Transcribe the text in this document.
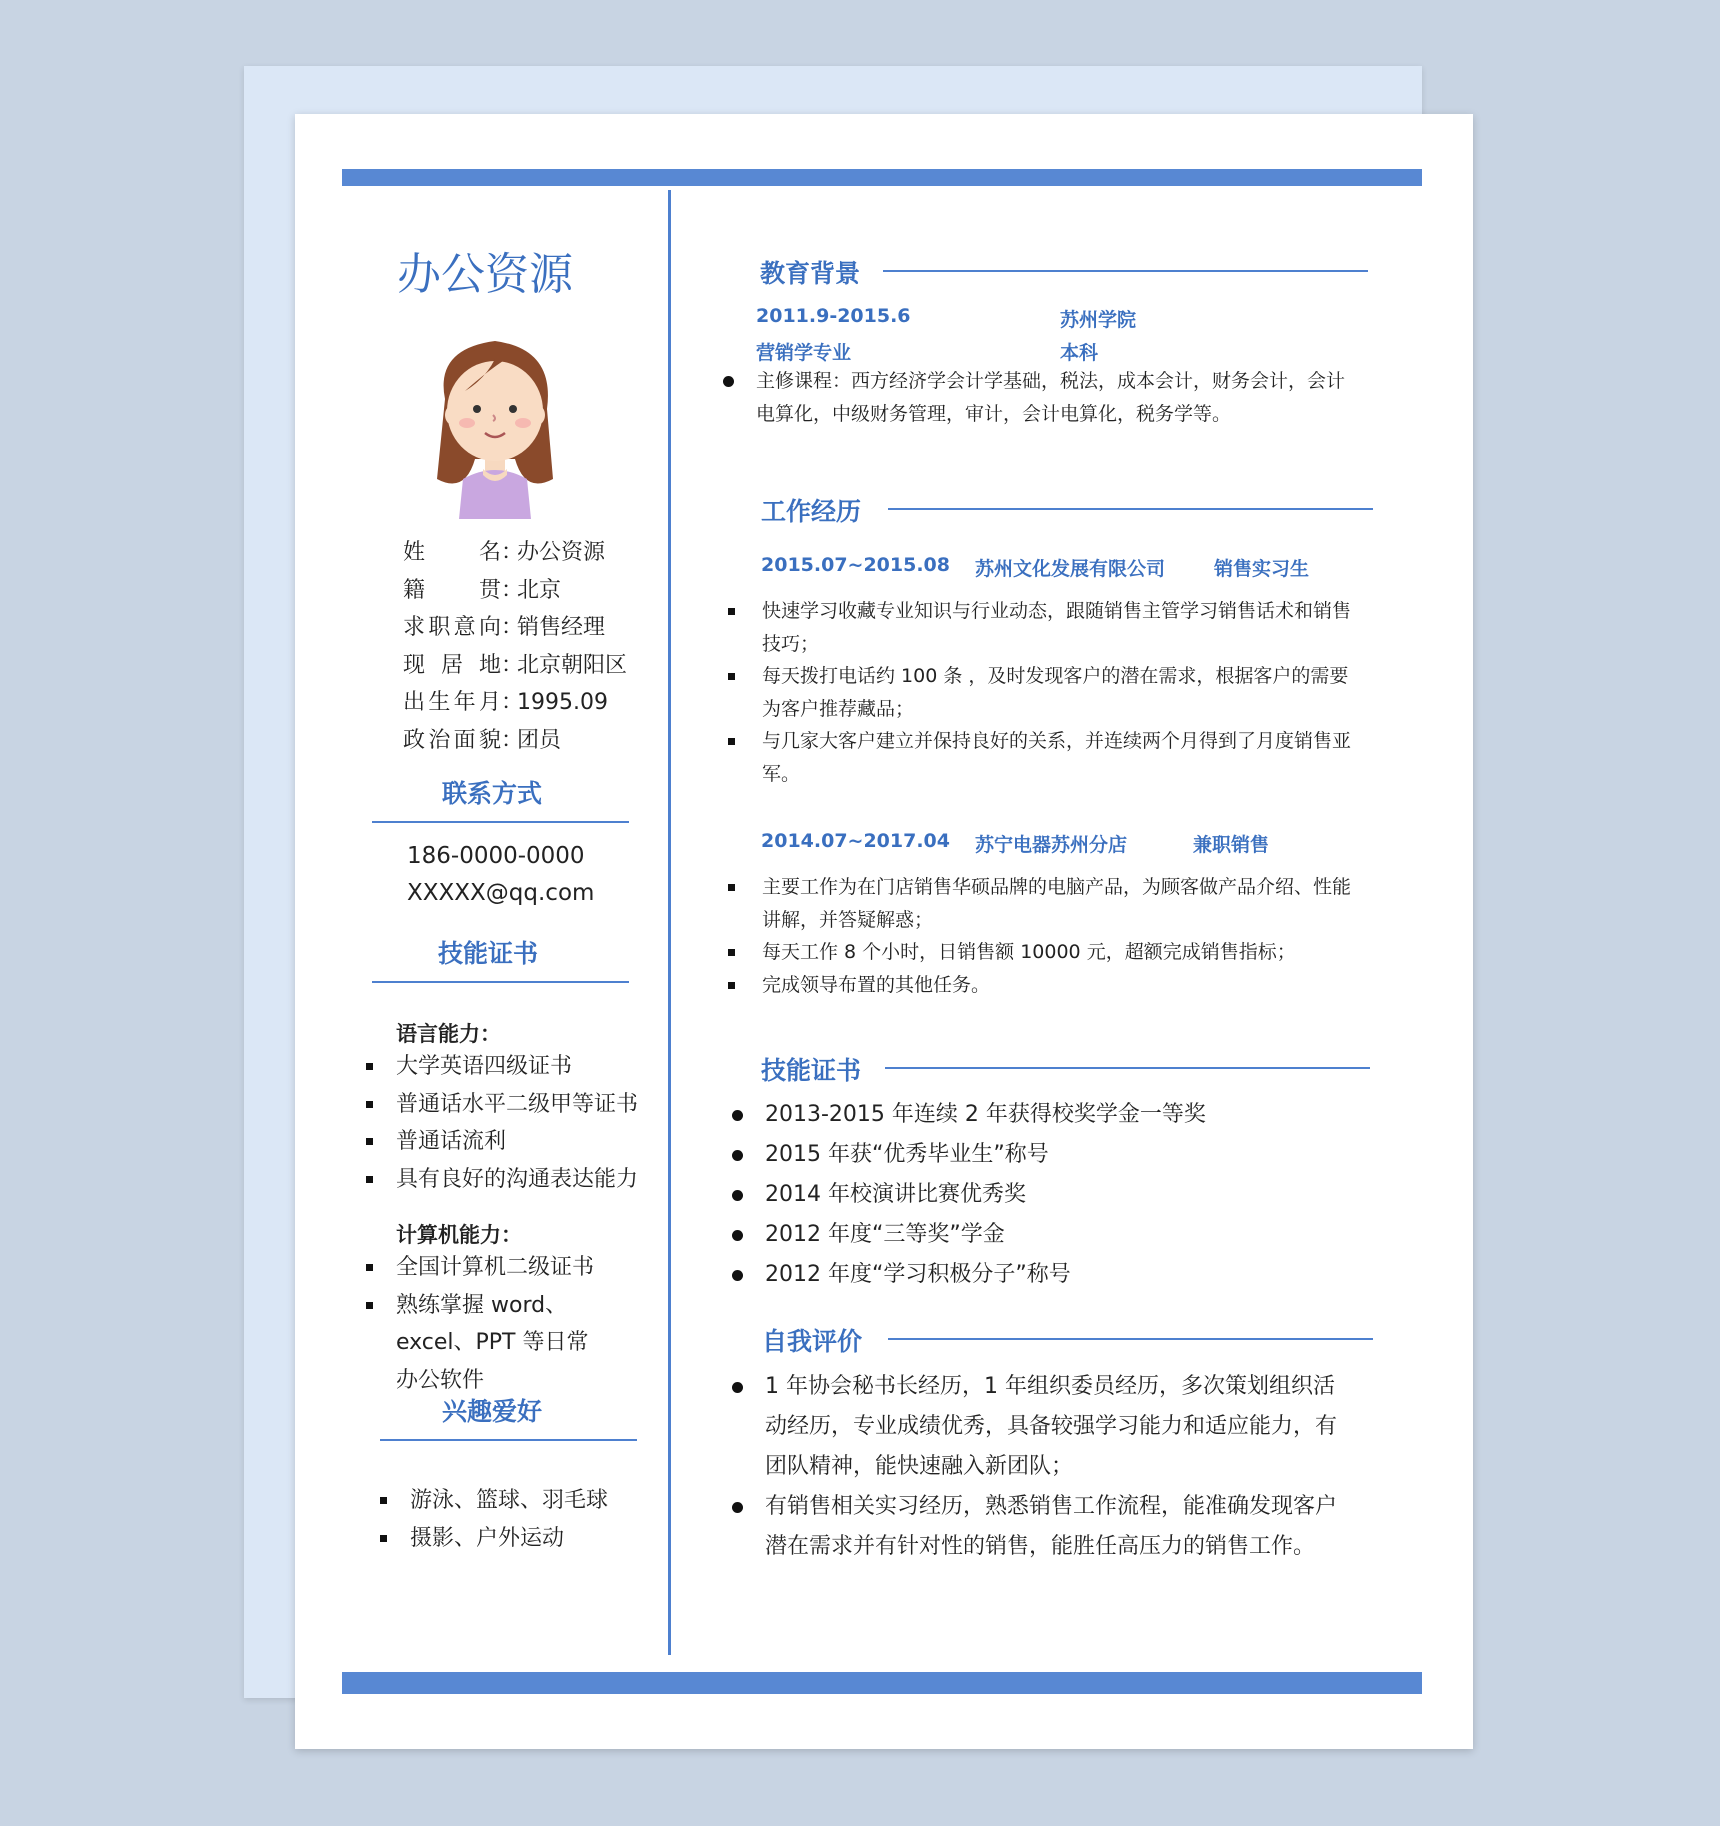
办公资源
姓名：办公资源
籍贯：北京
求职意向：销售经理
现居地：北京朝阳区
出生年月：1995.09
政治面貌：团员
联系方式
186-0000-0000
XXXXX@qq.com
技能证书
语言能力：
大学英语四级证书
普通话水平二级甲等证书
普通话流利
具有良好的沟通表达能力
计算机能力：
全国计算机二级证书
熟练掌握 word、excel、PPT 等日常办公软件
兴趣爱好
游泳、篮球、羽毛球
摄影、户外运动
教育背景
2011.9-2015.6	苏州学院
营销学专业	本科
主修课程：西方经济学会计学基础，税法，成本会计，财务会计，会计电算化，中级财务管理，审计，会计电算化，税务学等。
工作经历
2015.07~2015.08 苏州文化发展有限公司	销售实习生
快速学习收藏专业知识与行业动态，跟随销售主管学习销售话术和销售技巧；
每天拨打电话约 100 条 ，及时发现客户的潜在需求，根据客户的需要为客户推荐藏品；
与几家大客户建立并保持良好的关系，并连续两个月得到了月度销售亚军。
2014.07~2017.04 苏宁电器苏州分店	兼职销售
主要工作为在门店销售华硕品牌的电脑产品，为顾客做产品介绍、性能讲解，并答疑解惑；
每天工作 8 个小时，日销售额 10000 元，超额完成销售指标；
完成领导布置的其他任务。
技能证书
2013-2015 年连续 2 年获得校奖学金一等奖
2015 年获“优秀毕业生”称号
2014 年校演讲比赛优秀奖
2012 年度“三等奖”学金
2012 年度“学习积极分子”称号
自我评价
1 年协会秘书长经历，1 年组织委员经历，多次策划组织活动经历，专业成绩优秀，具备较强学习能力和适应能力，有团队精神，能快速融入新团队；
有销售相关实习经历，熟悉销售工作流程，能准确发现客户潜在需求并有针对性的销售，能胜任高压力的销售工作。
